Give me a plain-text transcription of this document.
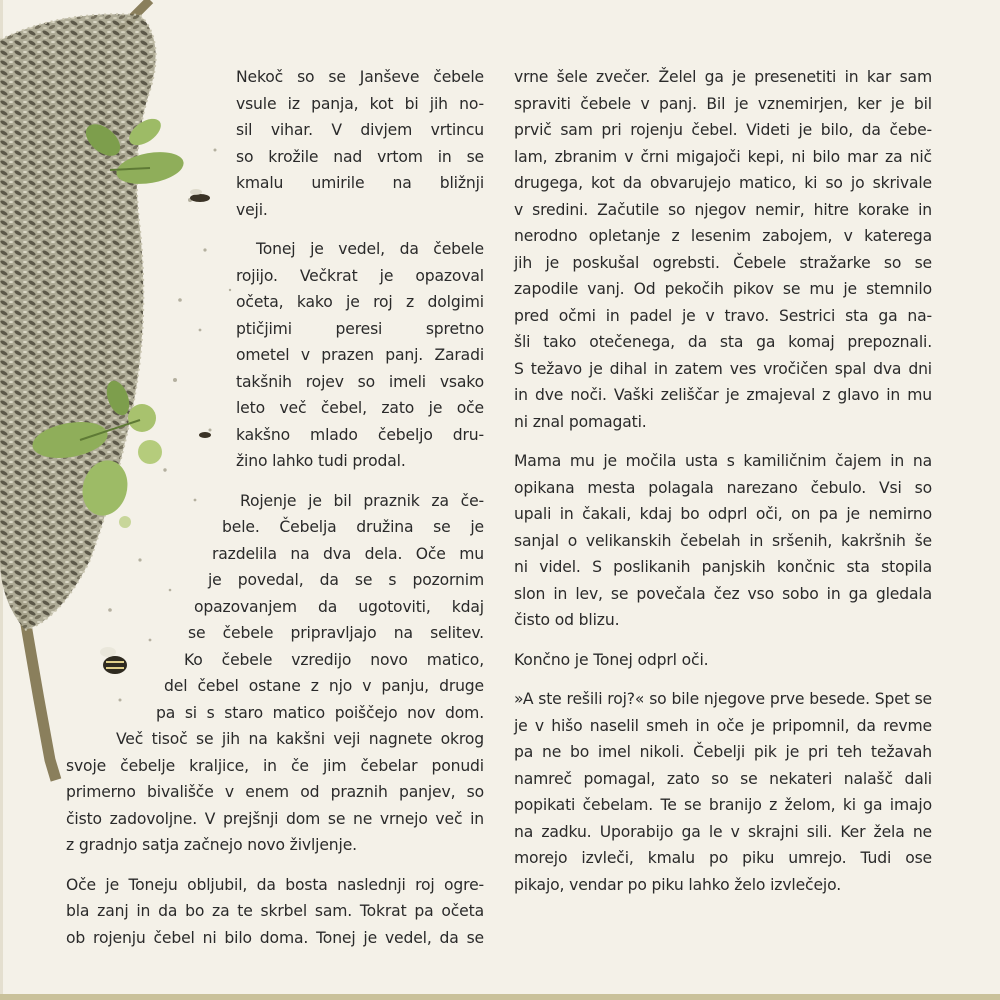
Nekoč so se Janševe čebele
vsule iz panja, kot bi jih no-
sil vihar. V divjem vrtincu
so krožile nad vrtom in se
kmalu umirile na bližnji
veji.

Tonej je vedel, da čebele
rojijo. Večkrat je opazoval
očeta, kako je roj z dolgimi
ptičjimi peresi spretno
ometel v prazen panj. Zaradi
takšnih rojev so imeli vsako
leto več čebel, zato je oče
kakšno mlado čebeljo dru-
žino lahko tudi prodal.

Rojenje je bil praznik za če-
bele. Čebelja družina se je
razdelila na dva dela. Oče mu
je povedal, da se s pozornim
opazovanjem da ugotoviti, kdaj
se čebele pripravljajo na selitev.
Ko čebele vzredijo novo matico,
del čebel ostane z njo v panju, druge
pa si s staro matico poiščejo nov dom.
Več tisoč se jih na kakšni veji nagnete okrog
svoje čebelje kraljice, in če jim čebelar ponudi
primerno bivališče v enem od praznih panjev, so
čisto zadovoljne. V prejšnji dom se ne vrnejo več in
z gradnjo satja začnejo novo življenje.

Oče je Toneju obljubil, da bosta naslednji roj ogre-
bla zanj in da bo za te skrbel sam. Tokrat pa očeta
ob rojenju čebel ni bilo doma. Tonej je vedel, da se

vrne šele zvečer. Želel ga je presenetiti in kar sam
spraviti čebele v panj. Bil je vznemirjen, ker je bil
prvič sam pri rojenju čebel. Videti je bilo, da čebe-
lam, zbranim v črni migajoči kepi, ni bilo mar za nič
drugega, kot da obvarujejo matico, ki so jo skrivale
v sredini. Začutile so njegov nemir, hitre korake in
nerodno opletanje z lesenim zabojem, v katerega
jih je poskušal ogrebsti. Čebele stražarke so se
zapodile vanj. Od pekočih pikov se mu je stemnilo
pred očmi in padel je v travo. Sestrici sta ga na-
šli tako otečenega, da sta ga komaj prepoznali.
S težavo je dihal in zatem ves vročičen spal dva dni
in dve noči. Vaški zeliščar je zmajeval z glavo in mu
ni znal pomagati.

Mama mu je močila usta s kamiličnim čajem in na
opikana mesta polagala narezano čebulo. Vsi so
upali in čakali, kdaj bo odprl oči, on pa je nemirno
sanjal o velikanskih čebelah in sršenih, kakršnih še
ni videl. S poslikanih panjskih končnic sta stopila
slon in lev, se povečala čez vso sobo in ga gledala
čisto od blizu.

Končno je Tonej odprl oči.

»A ste rešili roj?« so bile njegove prve besede. Spet se
je v hišo naselil smeh in oče je pripomnil, da revme
pa ne bo imel nikoli. Čebelji pik je pri teh težavah
namreč pomagal, zato so se nekateri nalašč dali
popikati čebelam. Te se branijo z želom, ki ga imajo
na zadku. Uporabijo ga le v skrajni sili. Ker žela ne
morejo izvleči, kmalu po piku umrejo. Tudi ose
pikajo, vendar po piku lahko želo izvlečejo.
